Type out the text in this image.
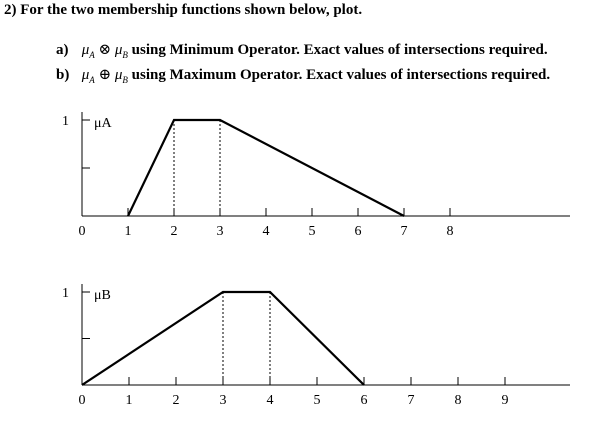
2) For the two membership functions shown below, plot.
a) $\mu_A$ ⊗ $\mu_B$ using Minimum Operator. Exact values of intersections required.
b) $\mu_A$ ⊕ $\mu_B$ using Maximum Operator. Exact values of intersections required.
1 μA
0	1	2	3	4	5	6	7	8
1 μB
0	1	2	3	4	5	6	7	8	9
